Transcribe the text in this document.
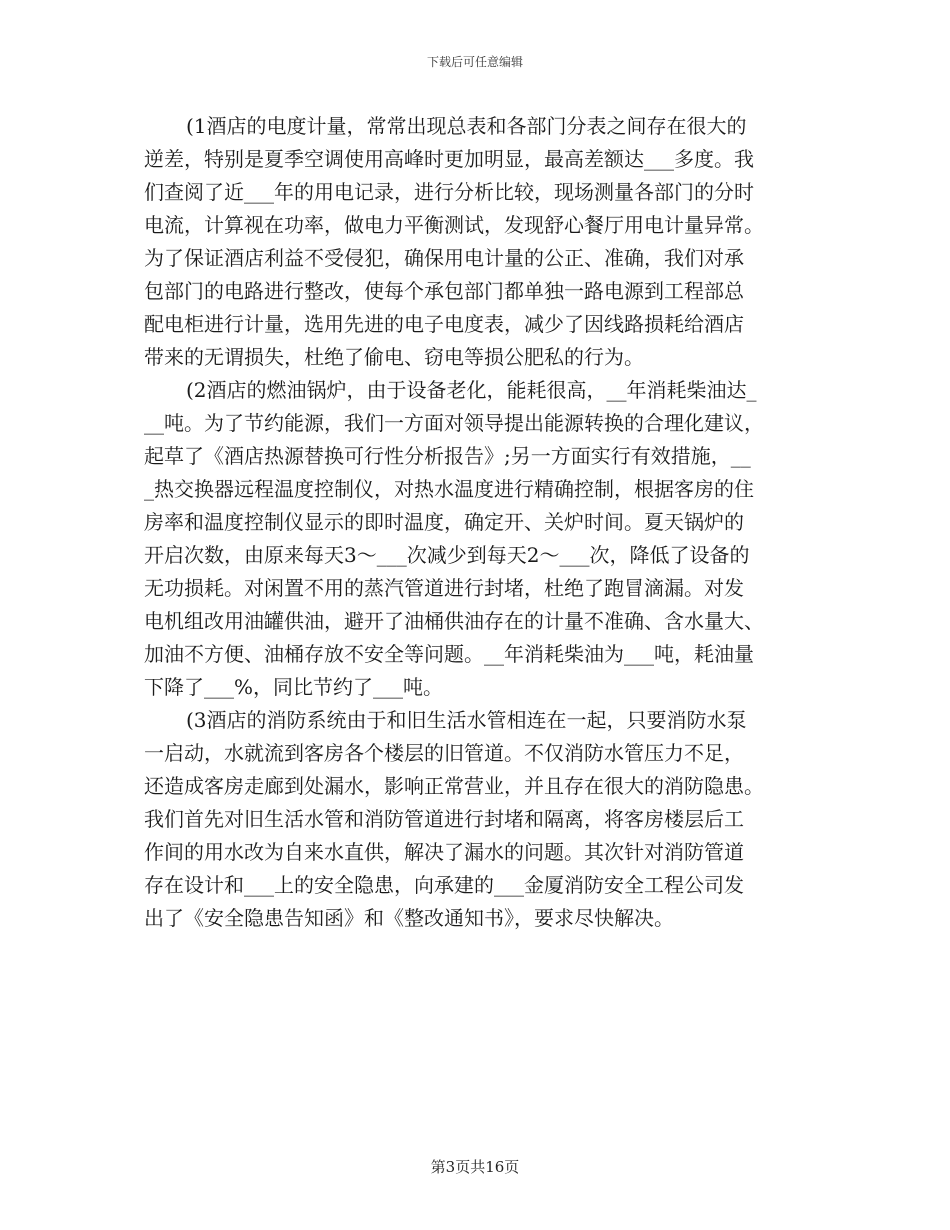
下载后可任意编辑

(1酒店的电度计量，常常出现总表和各部门分表之间存在很大的
逆差，特别是夏季空调使用高峰时更加明显，最高差额达___多度。我
们查阅了近___年的用电记录，进行分析比较，现场测量各部门的分时
电流，计算视在功率，做电力平衡测试，发现舒心餐厅用电计量异常。
为了保证酒店利益不受侵犯，确保用电计量的公正、准确，我们对承
包部门的电路进行整改，使每个承包部门都单独一路电源到工程部总
配电柜进行计量，选用先进的电子电度表，减少了因线路损耗给酒店
带来的无谓损失，杜绝了偷电、窃电等损公肥私的行为。

(2酒店的燃油锅炉，由于设备老化，能耗很高，__年消耗柴油达_
__吨。为了节约能源，我们一方面对领导提出能源转换的合理化建议，
起草了《酒店热源替换可行性分析报告》;另一方面实行有效措施，__
_热交换器远程温度控制仪，对热水温度进行精确控制，根据客房的住
房率和温度控制仪显示的即时温度，确定开、关炉时间。夏天锅炉的
开启次数，由原来每天3～___次减少到每天2～___次，降低了设备的
无功损耗。对闲置不用的蒸汽管道进行封堵，杜绝了跑冒滴漏。对发
电机组改用油罐供油，避开了油桶供油存在的计量不准确、含水量大、
加油不方便、油桶存放不安全等问题。__年消耗柴油为___吨，耗油量
下降了___%，同比节约了___吨。

(3酒店的消防系统由于和旧生活水管相连在一起，只要消防水泵
一启动，水就流到客房各个楼层的旧管道。不仅消防水管压力不足，
还造成客房走廊到处漏水，影响正常营业，并且存在很大的消防隐患。
我们首先对旧生活水管和消防管道进行封堵和隔离，将客房楼层后工
作间的用水改为自来水直供，解决了漏水的问题。其次针对消防管道
存在设计和___上的安全隐患，向承建的___金厦消防安全工程公司发
出了《安全隐患告知函》和《整改通知书》，要求尽快解决。

第3页共16页
